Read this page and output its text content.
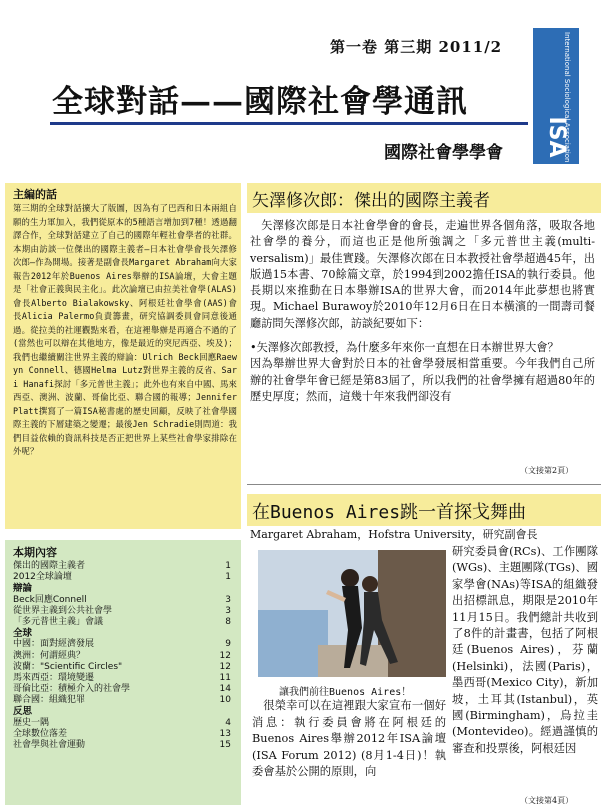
第一卷 第三期 2011/2
全球對話——國際社會學通訊
國際社會學學會	International Sociological Association
ISA
主編的話
第三期的全球對話擴大了版圖，因為有了巴西和日本兩組自願的生力軍加入，我們從原本的5種語言增加到7種！透過翻譯合作，全球對話建立了自己的國際年輕社會學者的社群。本期由訪談一位傑出的國際主義者—日本社會學會長矢澤修次郎—作為開場。接著是副會長Margaret Abraham向大家報告2012年於Buenos Aires舉辦的ISA論壇，大會主題是「社會正義與民主化」。此次論壇已由拉美社會學(ALAS)會長Alberto Bialakowsky、阿根廷社會學會(AAS)會長Alicia Palermo負責籌畫，研究協調委員會同意後通過。從拉美的社運觀點來看，在這裡舉辦是再適合不過的了(當然也可以辯在其他地方，像是最近的突尼西亞、埃及)；我們也繼續關注世界主義的辯論：Ulrich Beck回應Raewyn Connell、德國Helma Lutz對世界主義的反省、Sari Hanafi探討「多元普世主義」；此外也有來自中國、馬來西亞、澳洲、波蘭、哥倫比亞、聯合國的報導；Jennifer Platt撰寫了一篇ISA秘書處的歷史回顧，反映了社會學國際主義的下層建築之變遷；最後Jen Schradie則問道：我們目益依賴的資訊科技是否正把世界上某些社會學家排除在外呢？
本期內容
傑出的國際主義者	1
2012全球論壇	1
辯論
Beck回應Connell	3
從世界主義到公共社會學	3
「多元普世主義」會議	8
全球
中國：面對經濟發展	9
澳洲：何謂經典？	12
波蘭："Scientific Circles"	12
馬來西亞：環境變遷	11
哥倫比亞：積極介入的社會學	14
聯合國：組織犯罪	10
反思
歷史一隅	4
全球數位落差	13
社會學與社會運動	15
矢澤修次郎：傑出的國際主義者

矢澤修次郎是日本社會學會的會長，走遍世界各個角落，吸取各地社會學的養分，而這也正是他所強調之「多元普世主義(multi-versalism)」最佳實踐。矢澤修次郎在日本教授社會學超過45年，出版過15本書、70餘篇文章，於1994到2002擔任ISA的執行委員。他長期以來推動在日本舉辦ISA的世界大會，而2014年此夢想也將實現。Michael Burawoy於2010年12月6日在日本橫濱的一間壽司餐廳訪問矢澤修次郎，訪談紀要如下：

•矢澤修次郎教授，為什麼多年來你一直想在日本辦世界大會？

因為舉辦世界大會對於日本的社會學發展相當重要。今年我們自己所辦的社會學年會已經是第83屆了，所以我們的社會學擁有超過80年的歷史厚度；然而，這幾十年來我們卻沒有

（文接第2頁）
在Buenos Aires跳一首探戈舞曲
Margaret Abraham，Hofstra University，研究副會長
讓我們前往Buenos Aires！
很榮幸可以在這裡跟大家宣布一個好消息：執行委員會將在阿根廷的Buenos Aires舉辦2012年ISA論壇(ISA Forum 2012) (8月1-4日)！執委會基於公開的原則，向
研究委員會(RCs)、工作團隊(WGs)、主題團隊(TGs)、國家學會(NAs)等ISA的組織發出招標訊息，期限是2010年11月15日。我們總計共收到了8件的計畫書，包括了阿根廷(Buenos Aires)，芬蘭(Helsinki)，法國(Paris)，墨西哥(Mexico City)，新加坡，土耳其(Istanbul)，英國(Birmingham)，烏拉圭(Montevideo)。經過謹慎的審查和投票後，阿根廷因
（文接第4頁）
